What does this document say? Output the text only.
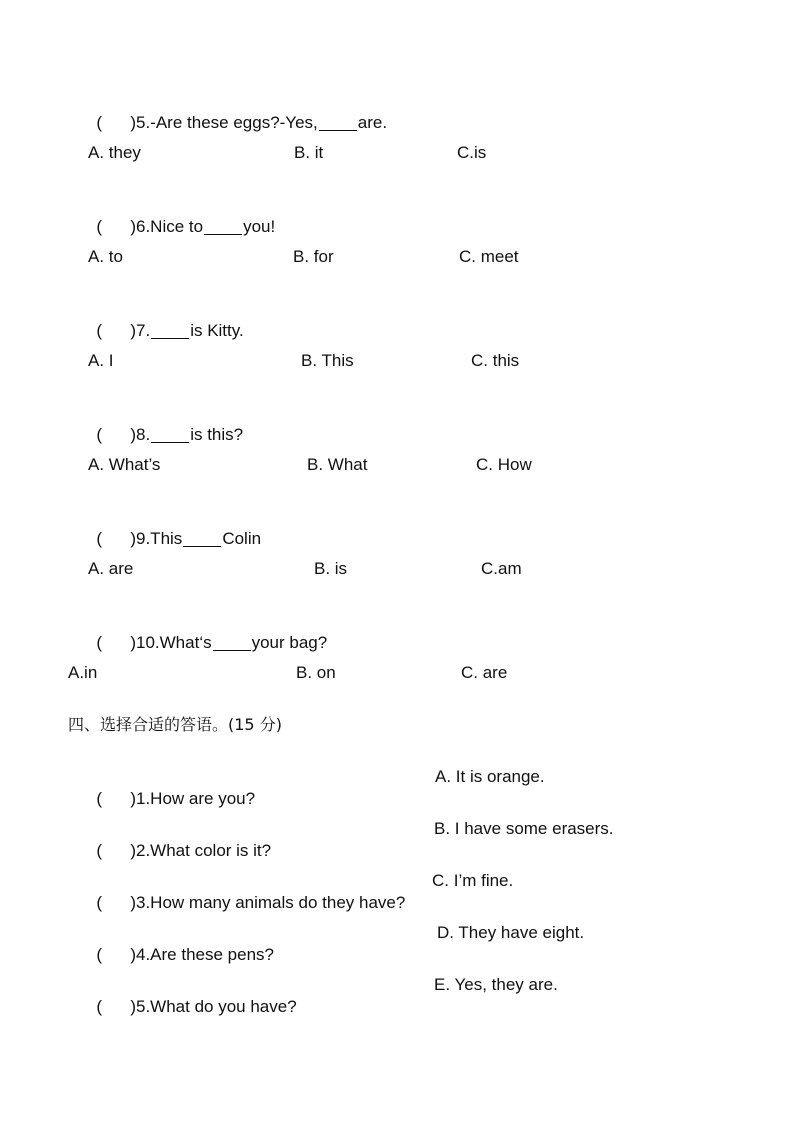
( )5.-Are these eggs?-Yes, are.

A. they	B. it	C.is

( )6.Nice to you!

A. to	B. for	C. meet

( )7. is Kitty.

A. I	B. This	C. this

( )8. is this?

A. What’s	B. What	C. How

( )9.This Colin

A. are	B. is	C.am

( )10.What‘s your bag?

A.in	B. on	C. are
四、选择合适的答语。(15 分)

( )1.How are you?

A. It is orange.

( )2.What color is it?

B. I have some erasers.

( )3.How many animals do they have?

C. I’m fine.

( )4.Are these pens?

D. They have eight.

( )5.What do you have?

E. Yes, they are.
